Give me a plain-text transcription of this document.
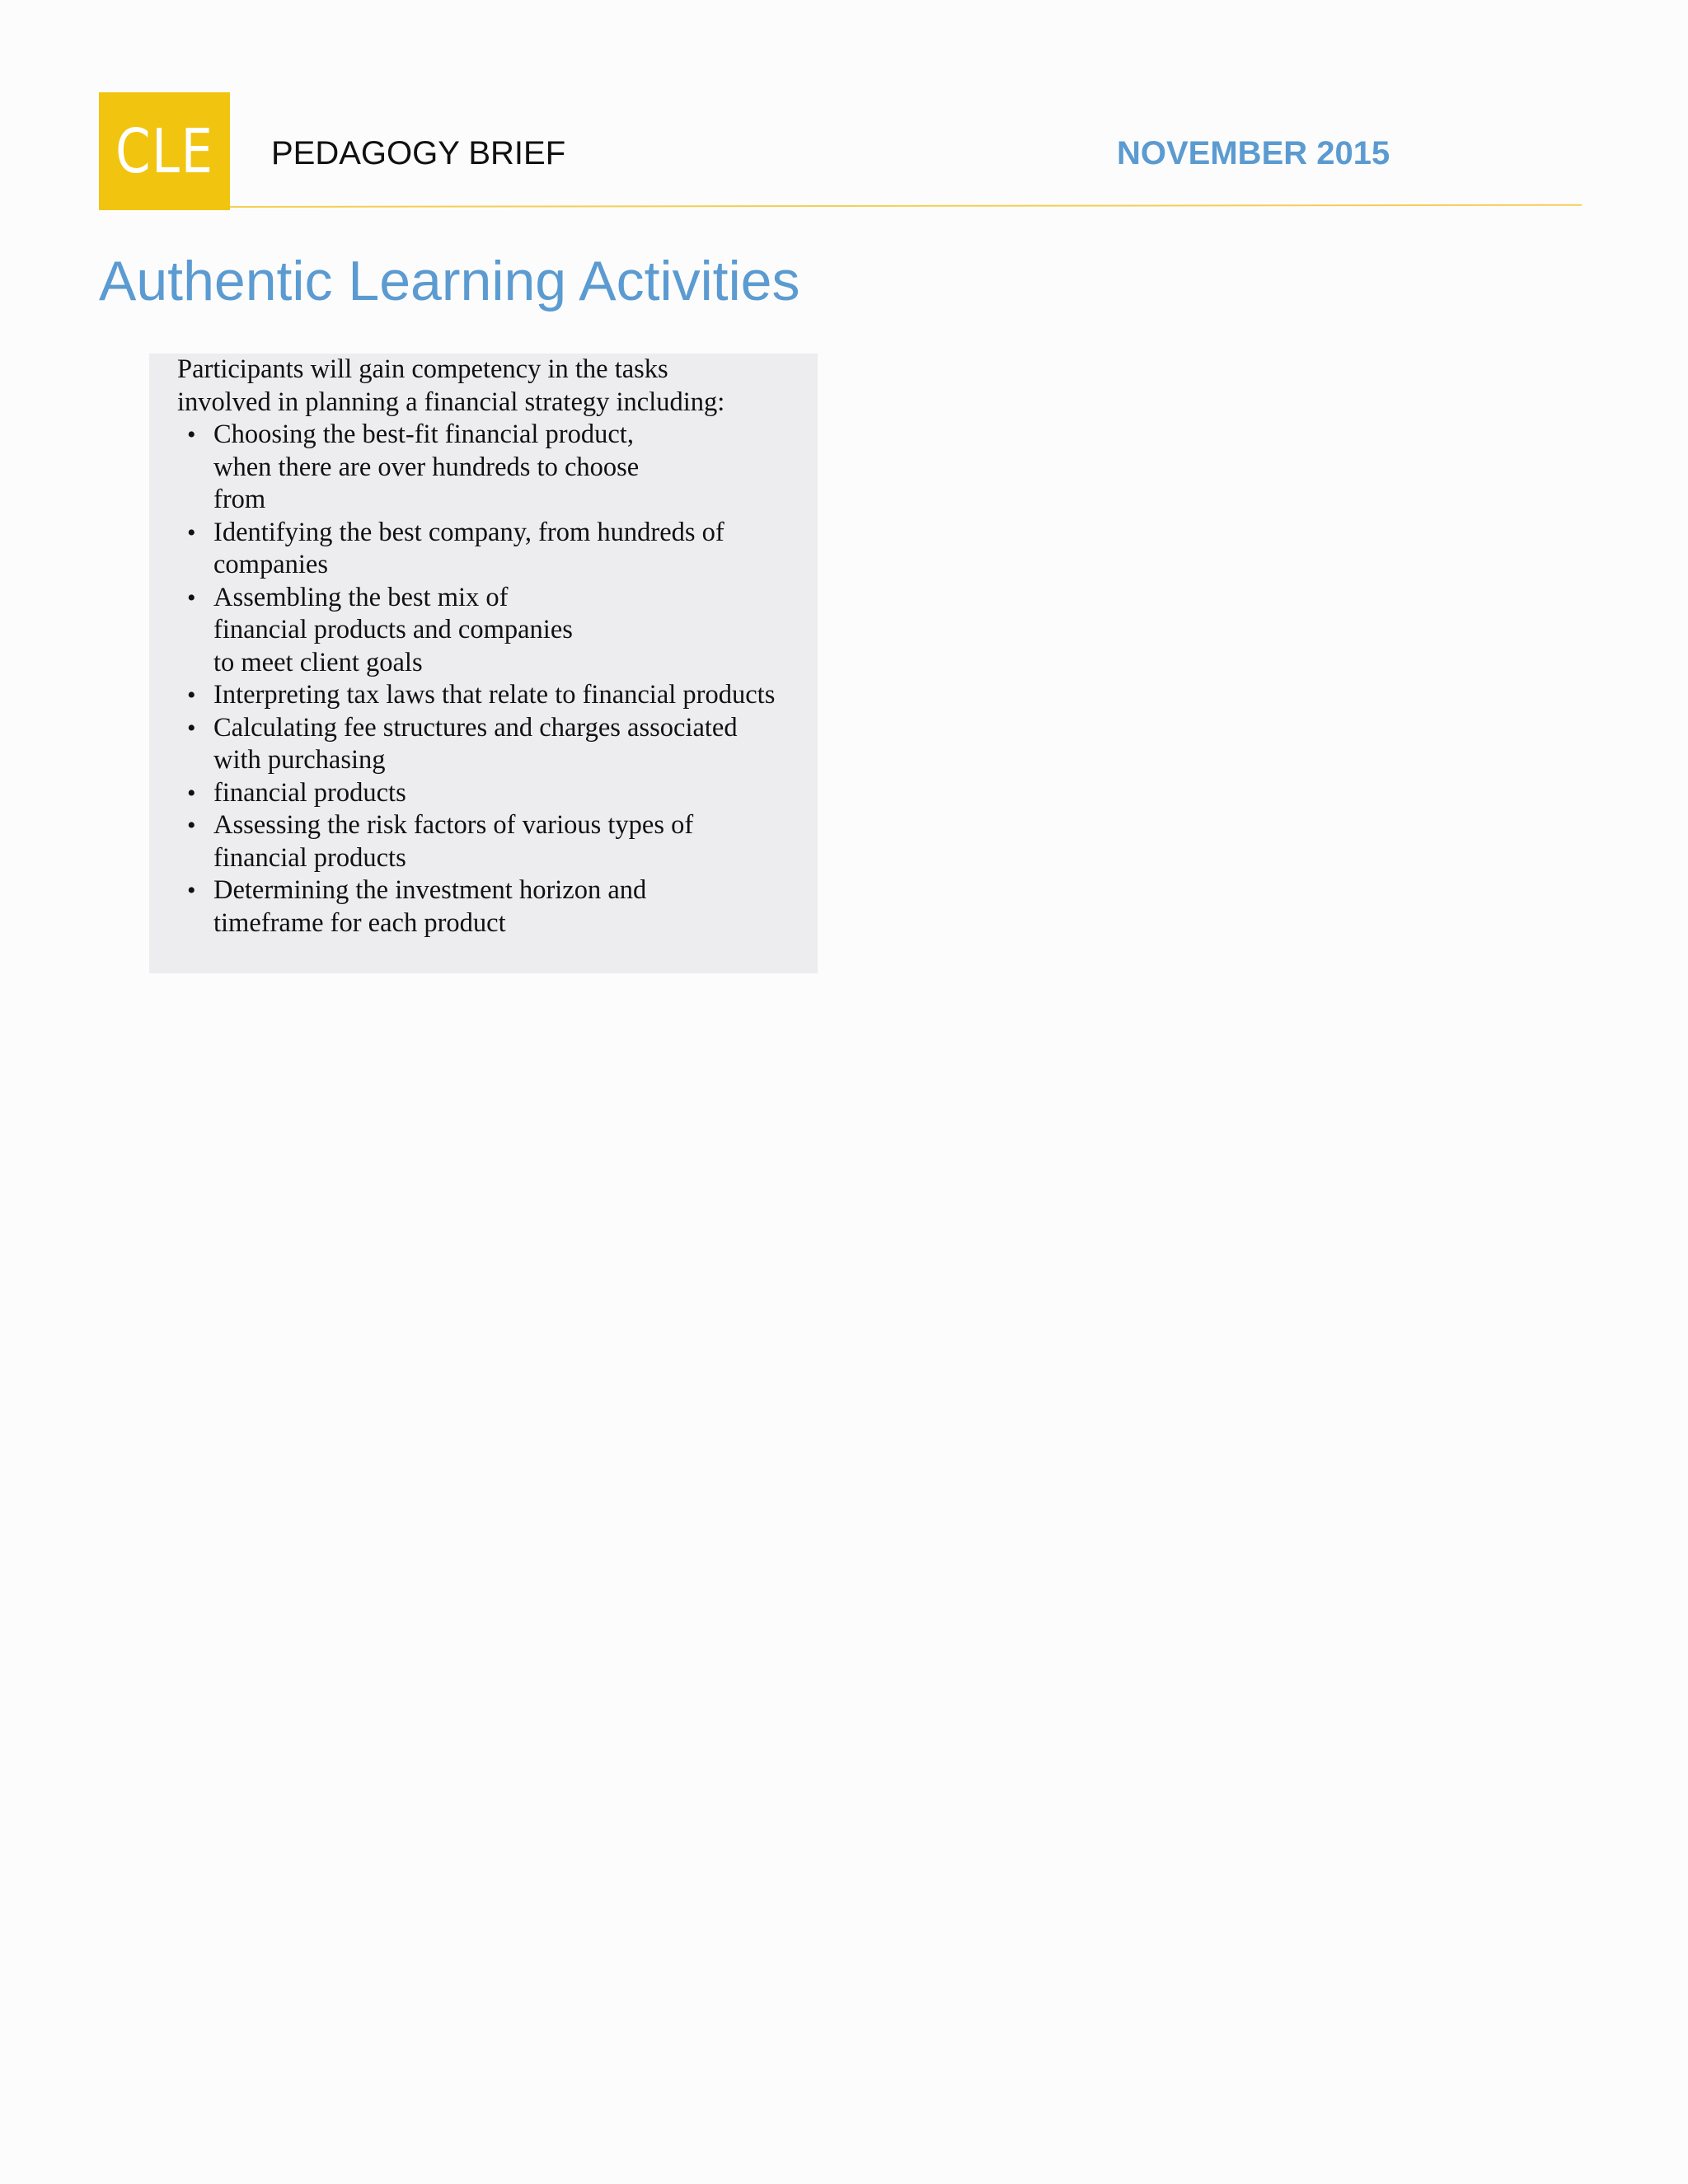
CLE PEDAGOGY BRIEF	NOVEMBER 2015
Authentic Learning Activities

Participants will gain competency in the tasks
involved in planning a financial strategy including:

• Choosing the best-fit financial product,
when there are over hundreds to choose
from
• Identifying the best company, from hundreds of
companies
• Assembling the best mix of
financial products and companies
to meet client goals
• Interpreting tax laws that relate to financial products
• Calculating fee structures and charges associated
with purchasing
• financial products
• Assessing the risk factors of various types of
financial products
• Determining the investment horizon and
timeframe for each product
